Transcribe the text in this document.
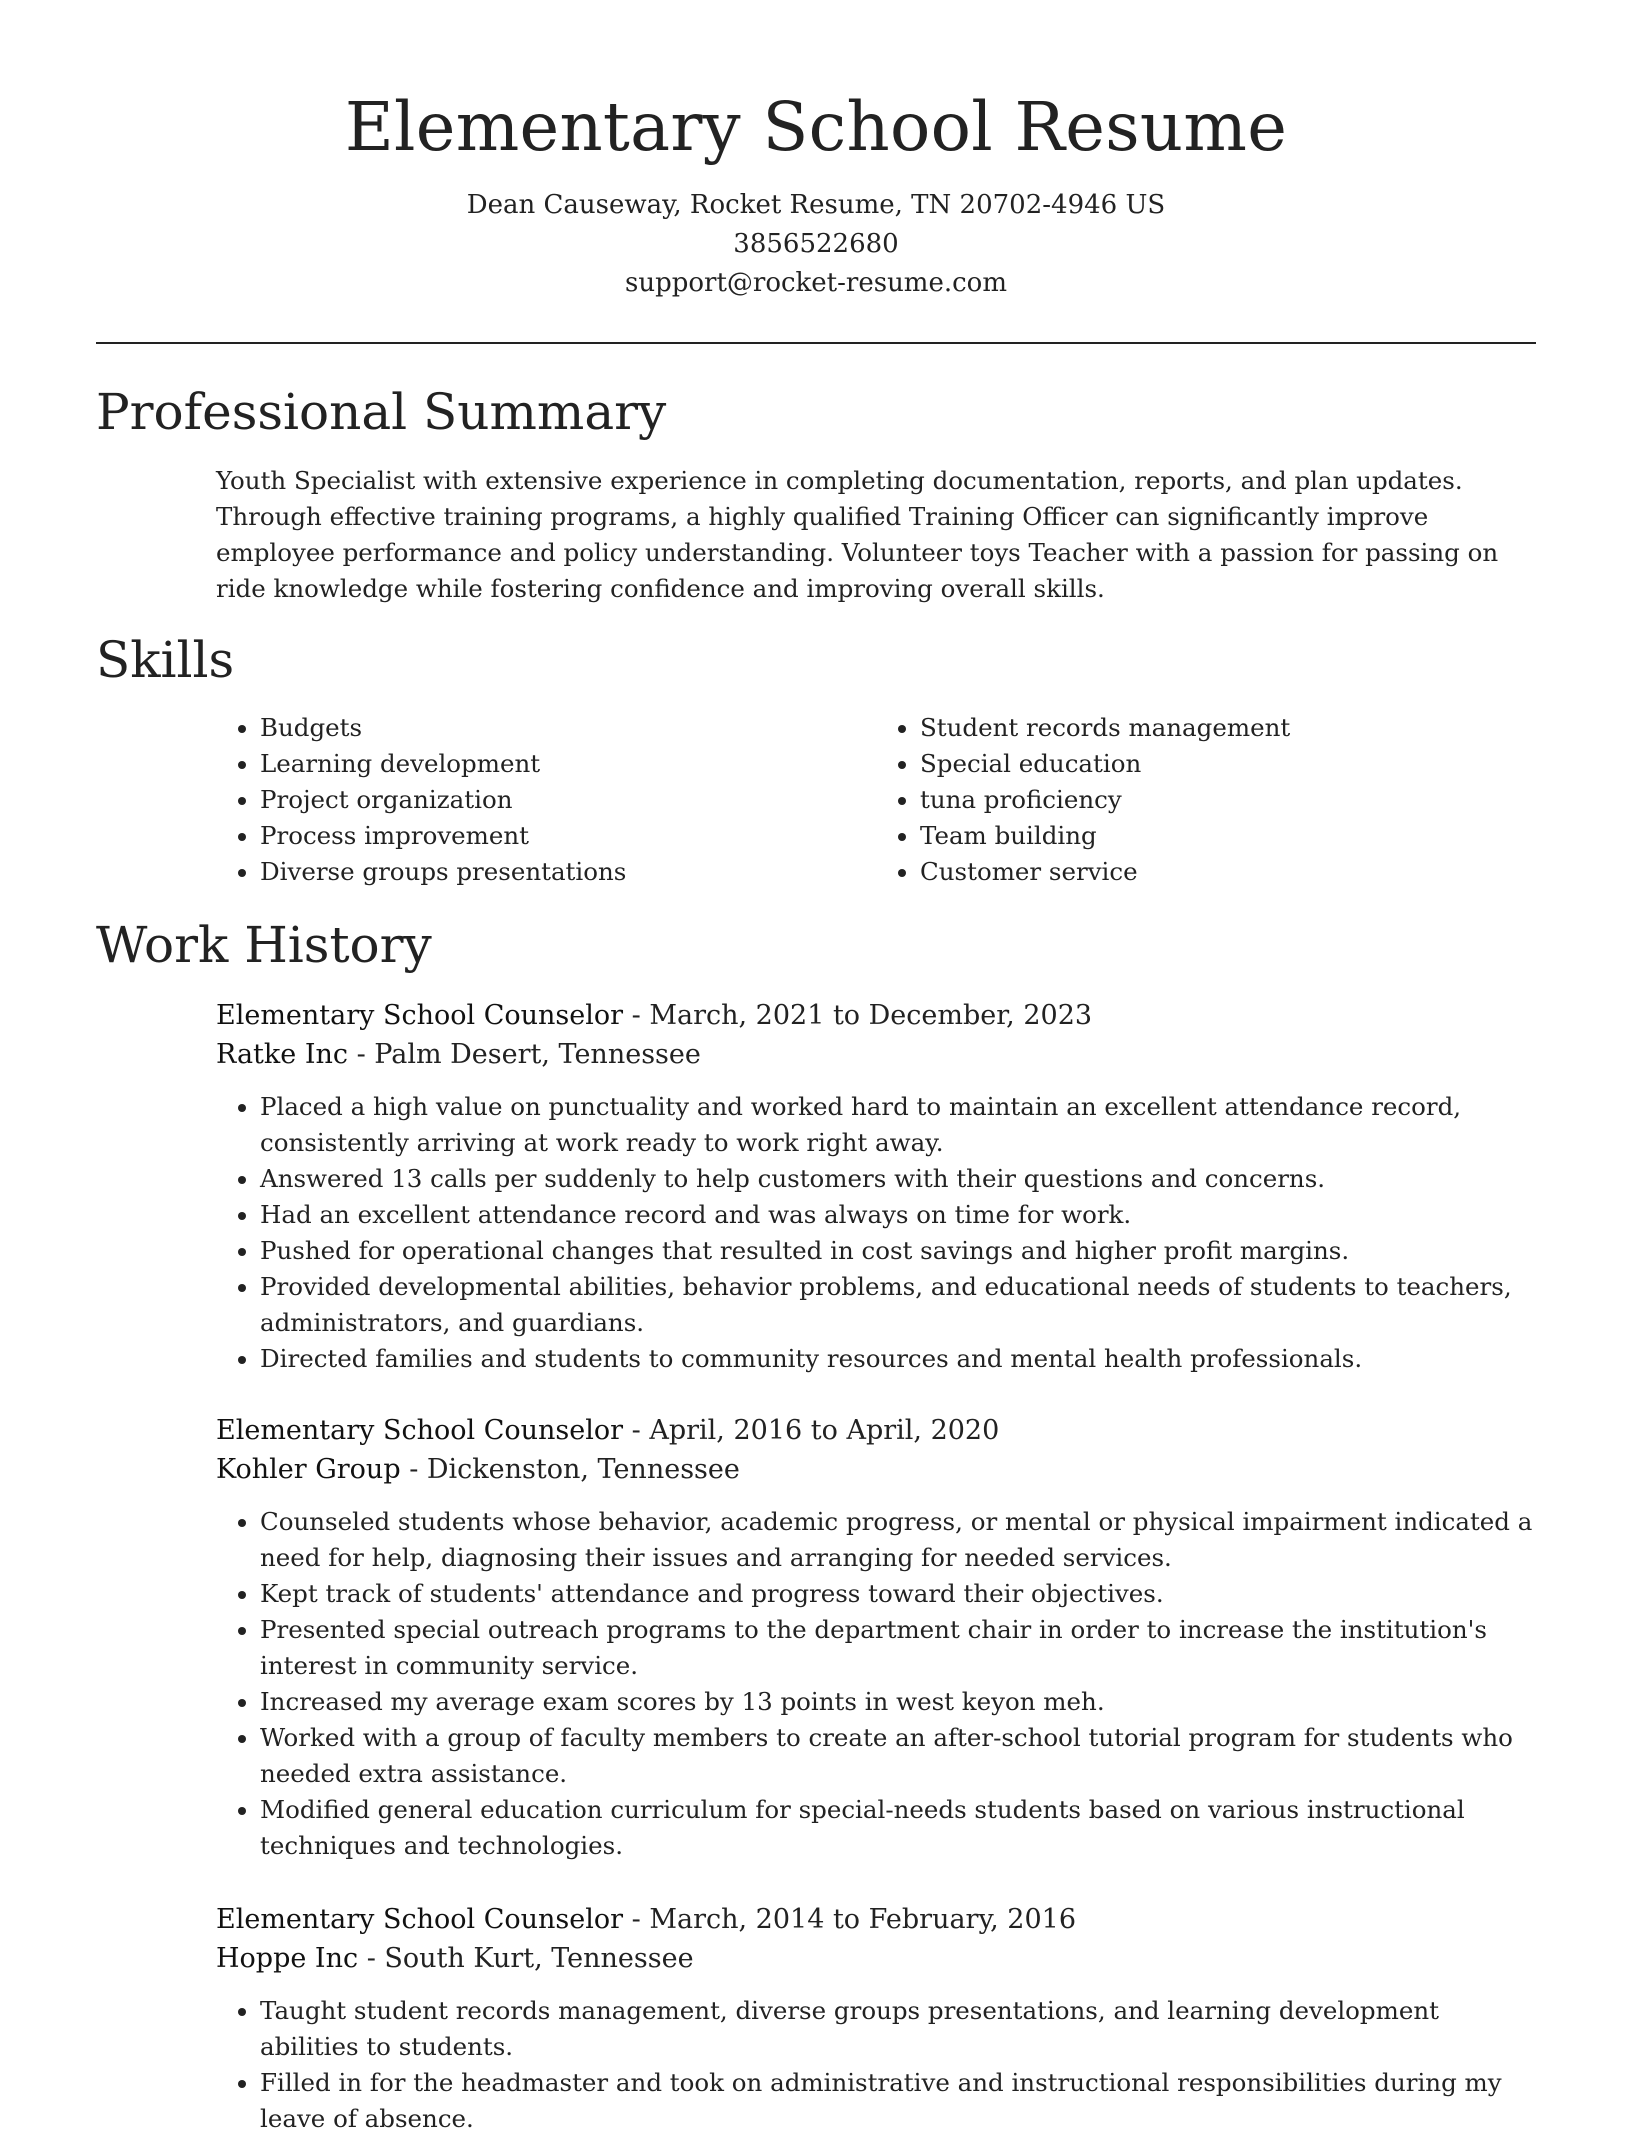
Elementary School Resume
Dean Causeway, Rocket Resume, TN 20702-4946 US
3856522680
support@rocket-resume.com
Professional Summary

Youth Specialist with extensive experience in completing documentation, reports, and plan updates. Through effective training programs, a highly qualified Training Officer can significantly improve employee performance and policy understanding. Volunteer toys Teacher with a passion for passing on ride knowledge while fostering confidence and improving overall skills.

Skills
• Budgets
• Learning development
• Project organization
• Process improvement
• Diverse groups presentations
• Student records management
• Special education
• tuna proficiency
• Team building
• Customer service
Work History
Elementary School Counselor - March, 2021 to December, 2023
Ratke Inc - Palm Desert, Tennessee
• Placed a high value on punctuality and worked hard to maintain an excellent attendance record, consistently arriving at work ready to work right away.
• Answered 13 calls per suddenly to help customers with their questions and concerns.
• Had an excellent attendance record and was always on time for work.
• Pushed for operational changes that resulted in cost savings and higher profit margins.
• Provided developmental abilities, behavior problems, and educational needs of students to teachers, administrators, and guardians.
• Directed families and students to community resources and mental health professionals.
Elementary School Counselor - April, 2016 to April, 2020
Kohler Group - Dickenston, Tennessee
• Counseled students whose behavior, academic progress, or mental or physical impairment indicated a need for help, diagnosing their issues and arranging for needed services.
• Kept track of students' attendance and progress toward their objectives.
• Presented special outreach programs to the department chair in order to increase the institution's interest in community service.
• Increased my average exam scores by 13 points in west keyon meh.
• Worked with a group of faculty members to create an after-school tutorial program for students who needed extra assistance.
• Modified general education curriculum for special-needs students based on various instructional techniques and technologies.
Elementary School Counselor - March, 2014 to February, 2016
Hoppe Inc - South Kurt, Tennessee
• Taught student records management, diverse groups presentations, and learning development abilities to students.
• Filled in for the headmaster and took on administrative and instructional responsibilities during my leave of absence.
